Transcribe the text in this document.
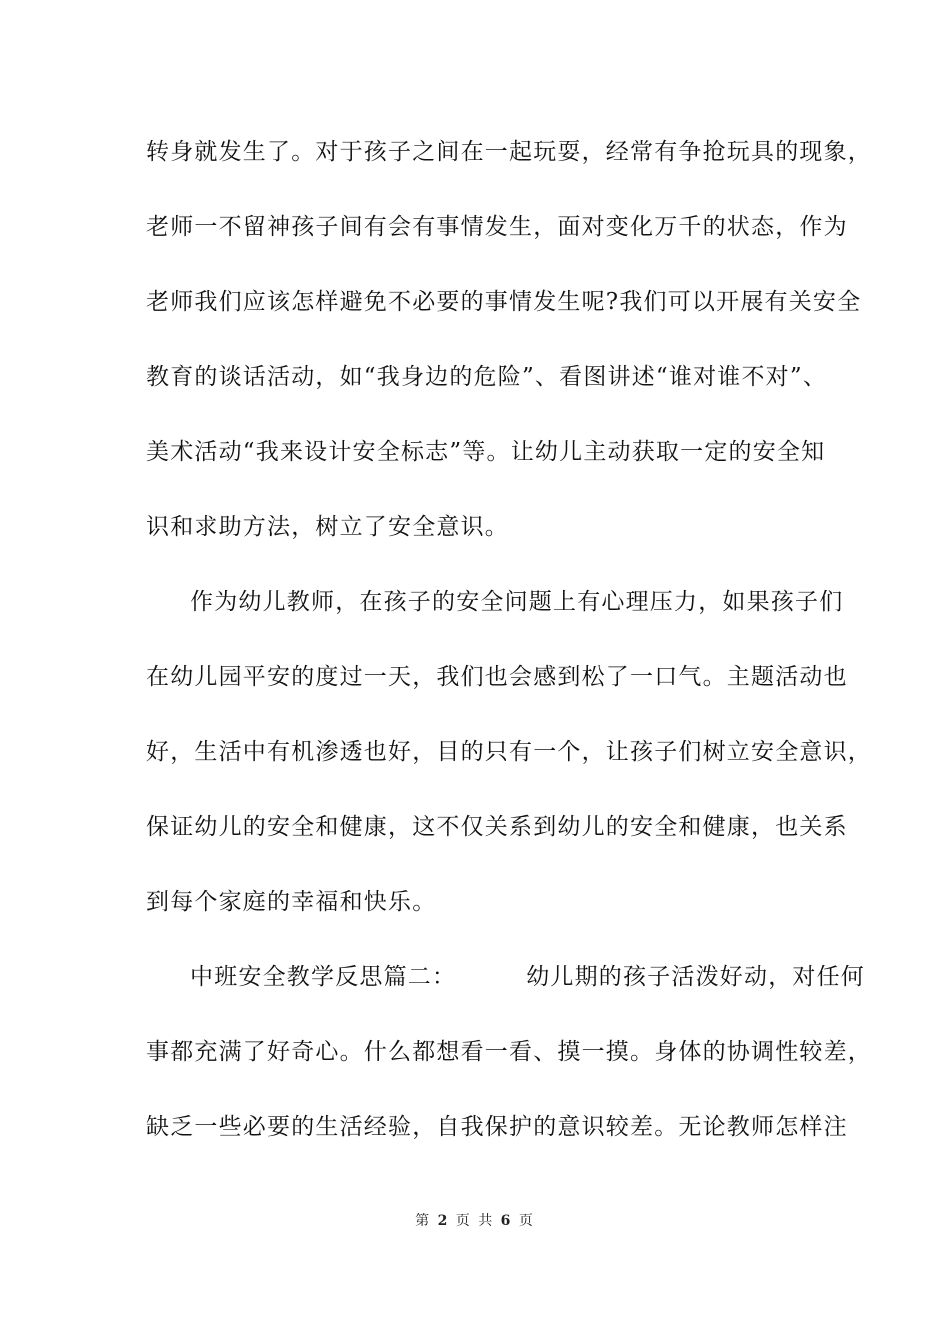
转身就发生了。对于孩子之间在一起玩耍，经常有争抢玩具的现象，
老师一不留神孩子间有会有事情发生，面对变化万千的状态，作为
老师我们应该怎样避免不必要的事情发生呢?我们可以开展有关安全
教育的谈话活动，如“我身边的危险”、看图讲述“谁对谁不对”、
美术活动“我来设计安全标志”等。让幼儿主动获取一定的安全知
识和求助方法，树立了安全意识。
作为幼儿教师，在孩子的安全问题上有心理压力，如果孩子们
在幼儿园平安的度过一天，我们也会感到松了一口气。主题活动也
好，生活中有机渗透也好，目的只有一个，让孩子们树立安全意识，
保证幼儿的安全和健康，这不仅关系到幼儿的安全和健康，也关系
到每个家庭的幸福和快乐。
中班安全教学反思篇二：	幼儿期的孩子活泼好动，对任何
事都充满了好奇心。什么都想看一看、摸一摸。身体的协调性较差，
缺乏一些必要的生活经验，自我保护的意识较差。无论教师怎样注
第 2 页 共 6 页
